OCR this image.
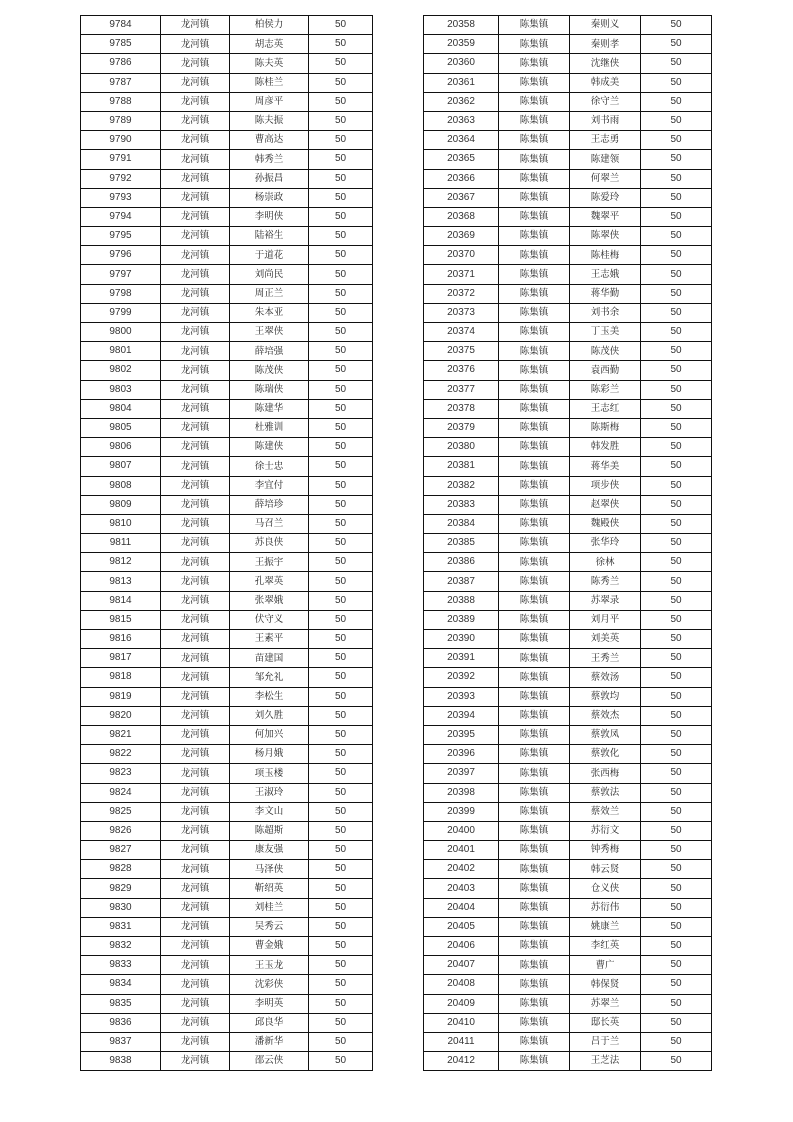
9784	龙河镇	柏侯力	50
9785	龙河镇	胡志英	50
9786	龙河镇	陈夫英	50
9787	龙河镇	陈桂兰	50
9788	龙河镇	周彦平	50
9789	龙河镇	陈夫振	50
9790	龙河镇	曹高达	50
9791	龙河镇	韩秀兰	50
9792	龙河镇	孙振昌	50
9793	龙河镇	杨崇政	50
9794	龙河镇	李明侠	50
9795	龙河镇	陆裕生	50
9796	龙河镇	于道花	50
9797	龙河镇	刘尚民	50
9798	龙河镇	周正兰	50
9799	龙河镇	朱本亚	50
9800	龙河镇	王翠侠	50
9801	龙河镇	薛培强	50
9802	龙河镇	陈茂侠	50
9803	龙河镇	陈瑞侠	50
9804	龙河镇	陈建华	50
9805	龙河镇	杜雅训	50
9806	龙河镇	陈建侠	50
9807	龙河镇	徐士忠	50
9808	龙河镇	李宜付	50
9809	龙河镇	薛培珍	50
9810	龙河镇	马召兰	50
9811	龙河镇	苏良侠	50
9812	龙河镇	王振宇	50
9813	龙河镇	孔翠英	50
9814	龙河镇	张翠娥	50
9815	龙河镇	伏守义	50
9816	龙河镇	王素平	50
9817	龙河镇	苗建国	50
9818	龙河镇	邹允礼	50
9819	龙河镇	李松生	50
9820	龙河镇	刘久胜	50
9821	龙河镇	何加兴	50
9822	龙河镇	杨月娥	50
9823	龙河镇	项玉楼	50
9824	龙河镇	王淑玲	50
9825	龙河镇	李文山	50
9826	龙河镇	陈超斯	50
9827	龙河镇	康友强	50
9828	龙河镇	马泽侠	50
9829	龙河镇	靳绍英	50
9830	龙河镇	刘桂兰	50
9831	龙河镇	吴秀云	50
9832	龙河镇	曹金娥	50
9833	龙河镇	王玉龙	50
9834	龙河镇	沈彩侠	50
9835	龙河镇	李明英	50
9836	龙河镇	邱良华	50
9837	龙河镇	潘新华	50
9838	龙河镇	邵云侠	50
20358	陈集镇	秦则义	50
20359	陈集镇	秦则孝	50
20360	陈集镇	沈继侠	50
20361	陈集镇	韩成美	50
20362	陈集镇	徐守兰	50
20363	陈集镇	刘书雨	50
20364	陈集镇	王志勇	50
20365	陈集镇	陈建领	50
20366	陈集镇	何翠兰	50
20367	陈集镇	陈爱玲	50
20368	陈集镇	魏翠平	50
20369	陈集镇	陈翠侠	50
20370	陈集镇	陈桂梅	50
20371	陈集镇	王志娥	50
20372	陈集镇	蒋华勤	50
20373	陈集镇	刘书余	50
20374	陈集镇	丁玉美	50
20375	陈集镇	陈茂侠	50
20376	陈集镇	袁西勤	50
20377	陈集镇	陈彩兰	50
20378	陈集镇	王志红	50
20379	陈集镇	陈斯梅	50
20380	陈集镇	韩发胜	50
20381	陈集镇	蒋华美	50
20382	陈集镇	项步侠	50
20383	陈集镇	赵翠侠	50
20384	陈集镇	魏殿侠	50
20385	陈集镇	张华玲	50
20386	陈集镇	徐林	50
20387	陈集镇	陈秀兰	50
20388	陈集镇	苏翠录	50
20389	陈集镇	刘月平	50
20390	陈集镇	刘美英	50
20391	陈集镇	王秀兰	50
20392	陈集镇	蔡效汤	50
20393	陈集镇	蔡敦均	50
20394	陈集镇	蔡效杰	50
20395	陈集镇	蔡敦凤	50
20396	陈集镇	蔡敦化	50
20397	陈集镇	张西梅	50
20398	陈集镇	蔡敦法	50
20399	陈集镇	蔡效兰	50
20400	陈集镇	苏衍文	50
20401	陈集镇	钟秀梅	50
20402	陈集镇	韩云贤	50
20403	陈集镇	仓义侠	50
20404	陈集镇	苏衍伟	50
20405	陈集镇	姚康兰	50
20406	陈集镇	李红英	50
20407	陈集镇	曹广	50
20408	陈集镇	韩保贤	50
20409	陈集镇	苏翠兰	50
20410	陈集镇	邸长英	50
20411	陈集镇	吕于兰	50
20412	陈集镇	王芝法	50
